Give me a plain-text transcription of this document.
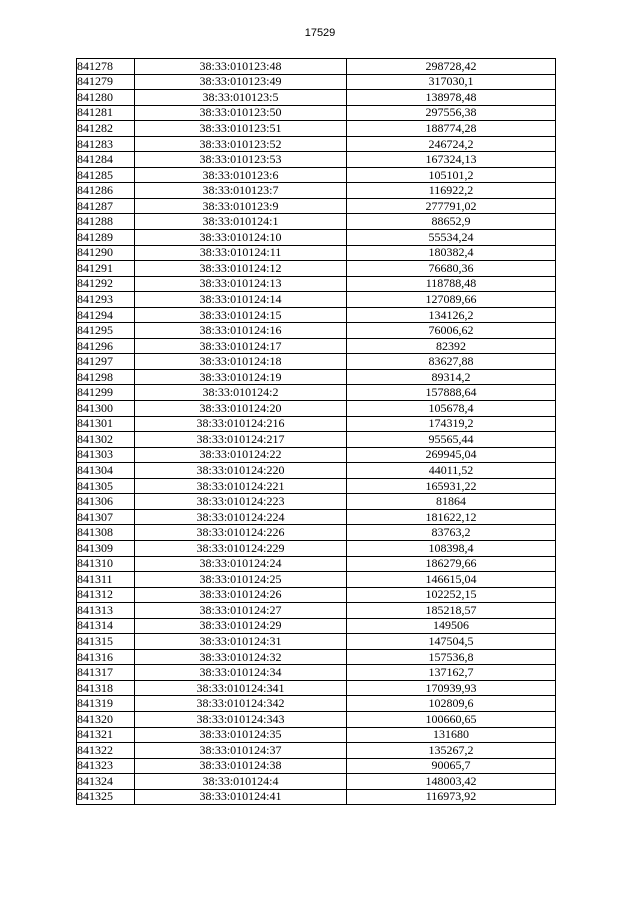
17529
841278	38:33:010123:48	298728,42
841279	38:33:010123:49	317030,1
841280	38:33:010123:5	138978,48
841281	38:33:010123:50	297556,38
841282	38:33:010123:51	188774,28
841283	38:33:010123:52	246724,2
841284	38:33:010123:53	167324,13
841285	38:33:010123:6	105101,2
841286	38:33:010123:7	116922,2
841287	38:33:010123:9	277791,02
841288	38:33:010124:1	88652,9
841289	38:33:010124:10	55534,24
841290	38:33:010124:11	180382,4
841291	38:33:010124:12	76680,36
841292	38:33:010124:13	118788,48
841293	38:33:010124:14	127089,66
841294	38:33:010124:15	134126,2
841295	38:33:010124:16	76006,62
841296	38:33:010124:17	82392
841297	38:33:010124:18	83627,88
841298	38:33:010124:19	89314,2
841299	38:33:010124:2	157888,64
841300	38:33:010124:20	105678,4
841301	38:33:010124:216	174319,2
841302	38:33:010124:217	95565,44
841303	38:33:010124:22	269945,04
841304	38:33:010124:220	44011,52
841305	38:33:010124:221	165931,22
841306	38:33:010124:223	81864
841307	38:33:010124:224	181622,12
841308	38:33:010124:226	83763,2
841309	38:33:010124:229	108398,4
841310	38:33:010124:24	186279,66
841311	38:33:010124:25	146615,04
841312	38:33:010124:26	102252,15
841313	38:33:010124:27	185218,57
841314	38:33:010124:29	149506
841315	38:33:010124:31	147504,5
841316	38:33:010124:32	157536,8
841317	38:33:010124:34	137162,7
841318	38:33:010124:341	170939,93
841319	38:33:010124:342	102809,6
841320	38:33:010124:343	100660,65
841321	38:33:010124:35	131680
841322	38:33:010124:37	135267,2
841323	38:33:010124:38	90065,7
841324	38:33:010124:4	148003,42
841325	38:33:010124:41	116973,92
